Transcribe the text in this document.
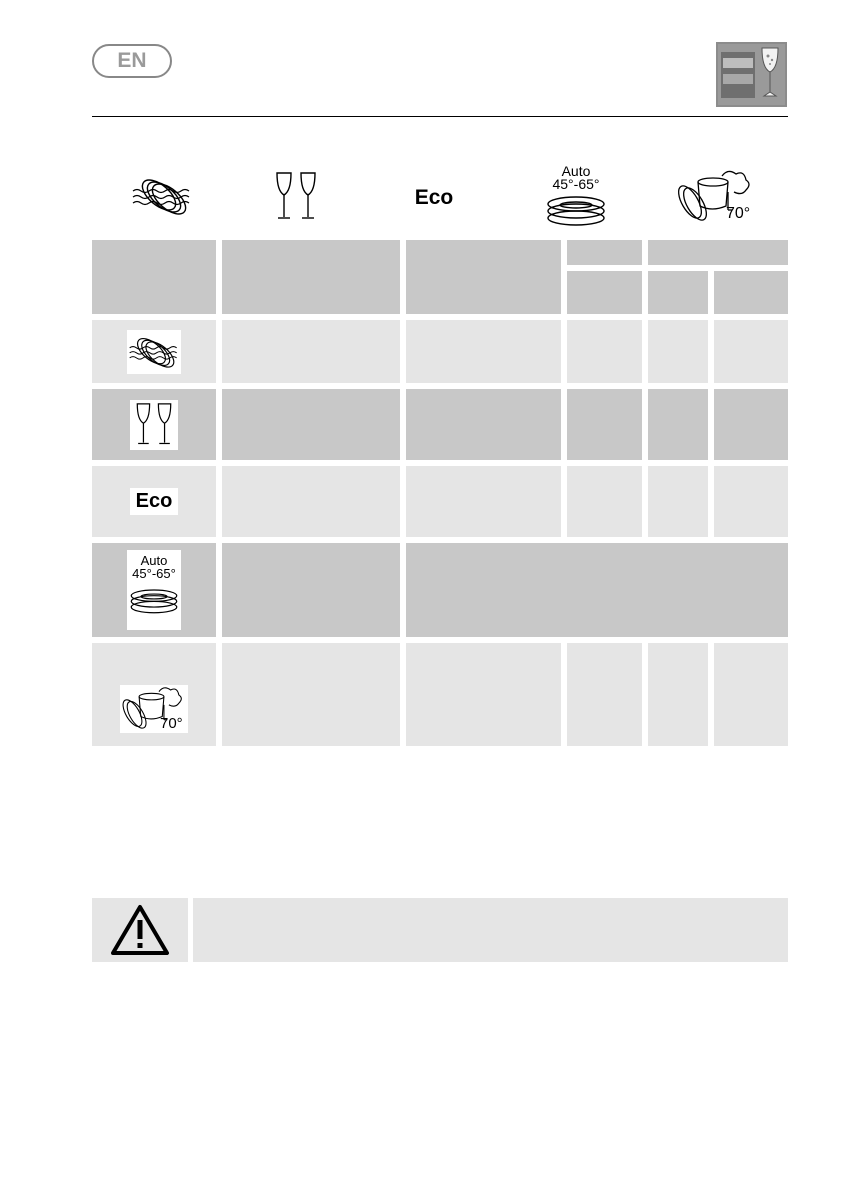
EN
Eco
Auto
45°-65°
70°
Eco
Auto
45°-65°
70°
